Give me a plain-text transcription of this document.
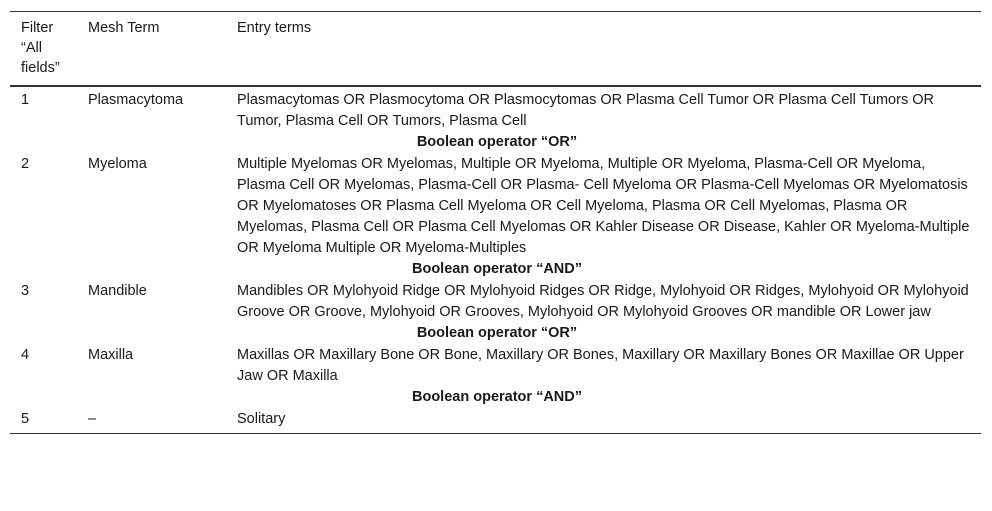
Filter “All fields”	Mesh Term	Entry terms
1	Plasmacytoma	Plasmacytomas OR Plasmocytoma OR Plasmocytomas OR Plasma Cell Tumor OR Plasma Cell Tumors OR Tumor, Plasma Cell OR Tumors, Plasma Cell
Boolean operator “OR”		
2	Myeloma	Multiple Myelomas OR Myelomas, Multiple OR Myeloma, Multiple OR Myeloma, Plasma-Cell OR Myeloma, Plasma Cell OR Myelomas, Plasma-Cell OR Plasma- Cell Myeloma OR Plasma-Cell Myelomas OR Myelomatosis OR Myelomatoses OR Plasma Cell Myeloma OR Cell Myeloma, Plasma OR Cell Myelomas, Plasma OR Myelomas, Plasma Cell OR Plasma Cell Myelomas OR Kahler Disease OR Disease, Kahler OR Myeloma-Multiple OR Myeloma Multiple OR Myeloma-Multiples
Boolean operator “AND”		
3	Mandible	Mandibles OR Mylohyoid Ridge OR Mylohyoid Ridges OR Ridge, Mylohyoid OR Ridges, Mylohyoid OR Mylohyoid Groove OR Groove, Mylohyoid OR Grooves, Mylohyoid OR Mylohyoid Grooves OR mandible OR Lower jaw
Boolean operator “OR”		
4	Maxilla	Maxillas OR Maxillary Bone OR Bone, Maxillary OR Bones, Maxillary OR Maxillary Bones OR Maxillae OR Upper Jaw OR Maxilla
Boolean operator “AND”		
5	–	Solitary
